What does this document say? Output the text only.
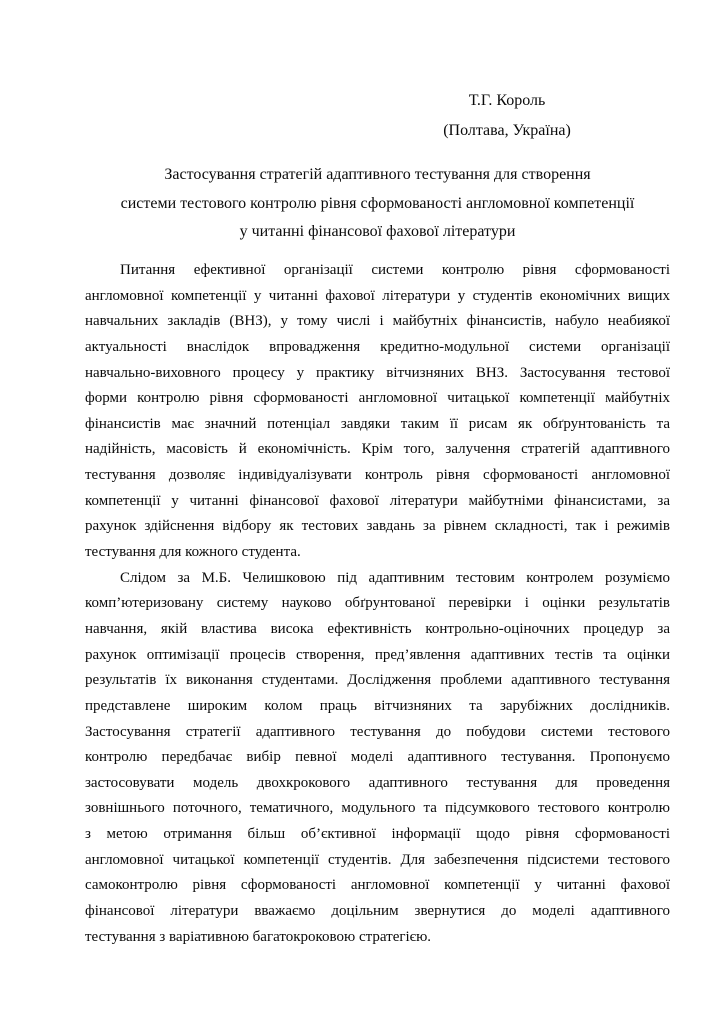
Т.Г. Король
(Полтава, Україна)
Застосування стратегій адаптивного тестування для створення
системи тестового контролю рівня сформованості англомовної компетенції
у читанні фінансової фахової літератури
Питання ефективної організації системи контролю рівня сформованості
англомовної компетенції у читанні фахової літератури у студентів економічних вищих
навчальних закладів (ВНЗ), у тому числі і майбутніх фінансистів, набуло неабиякої
актуальності внаслідок впровадження кредитно-модульної системи організації
навчально-виховного процесу у практику вітчизняних ВНЗ. Застосування тестової
форми контролю рівня сформованості англомовної читацької компетенції майбутніх
фінансистів має значний потенціал завдяки таким її рисам як обґрунтованість та
надійність, масовість й економічність. Крім того, залучення стратегій адаптивного
тестування дозволяє індивідуалізувати контроль рівня сформованості англомовної
компетенції у читанні фінансової фахової літератури майбутніми фінансистами, за
рахунок здійснення відбору як тестових завдань за рівнем складності, так і режимів
тестування для кожного студента.
Слідом за М.Б. Челишковою під адаптивним тестовим контролем розуміємо
комп’ютеризовану систему науково обґрунтованої перевірки і оцінки результатів
навчання, якій властива висока ефективність контрольно-оціночних процедур за
рахунок оптимізації процесів створення, пред’явлення адаптивних тестів та оцінки
результатів їх виконання студентами. Дослідження проблеми адаптивного тестування
представлене широким колом праць вітчизняних та зарубіжних дослідників.
Застосування стратегії адаптивного тестування до побудови системи тестового
контролю передбачає вибір певної моделі адаптивного тестування. Пропонуємо
застосовувати модель двохкрокового адаптивного тестування для проведення
зовнішнього поточного, тематичного, модульного та підсумкового тестового контролю
з метою отримання більш об’єктивної інформації щодо рівня сформованості
англомовної читацької компетенції студентів. Для забезпечення підсистеми тестового
самоконтролю рівня сформованості англомовної компетенції у читанні фахової
фінансової літератури вважаємо доцільним звернутися до моделі адаптивного
тестування з варіативною багатокроковою стратегією.
